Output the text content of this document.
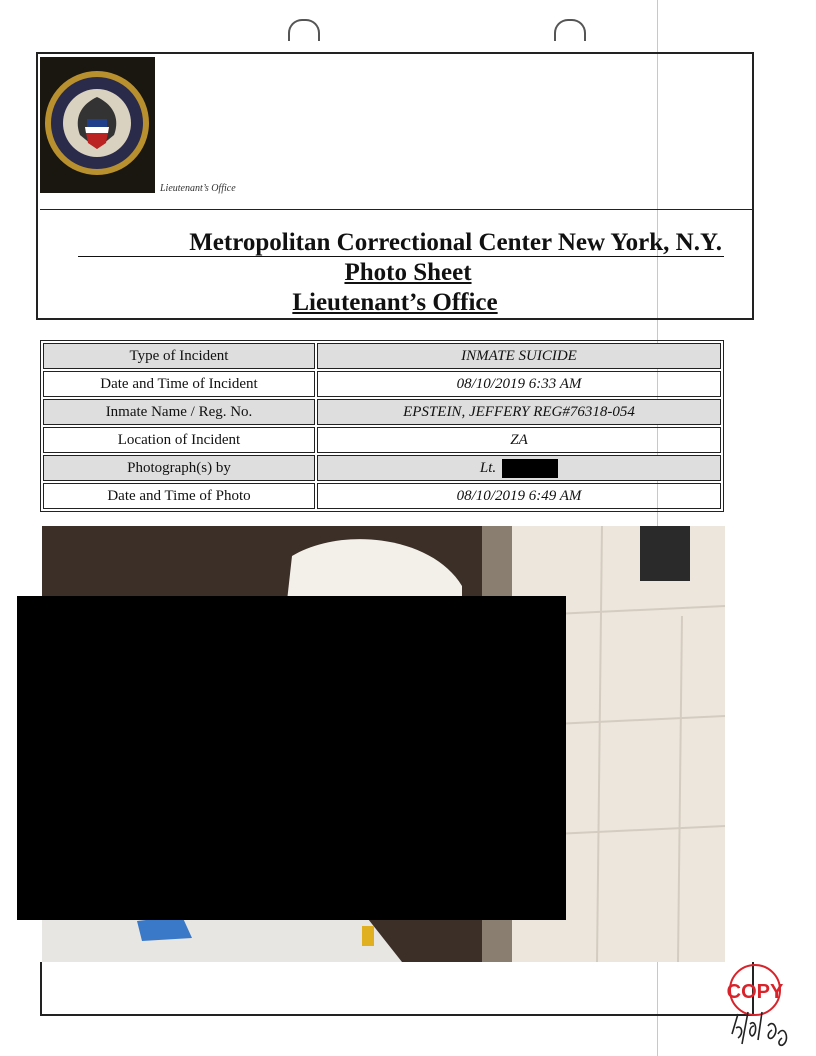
Lieutenant’s Office
Metropolitan Correctional Center New York, N.Y.
Photo Sheet
Lieutenant’s Office
Type of Incident	INMATE SUICIDE
Date and Time of Incident	08/10/2019 6:33 AM
Inmate Name / Reg. No.	EPSTEIN, JEFFERY REG#76318-054
Location of Incident	ZA
Photograph(s) by	Lt.
Date and Time of Photo	08/10/2019 6:49 AM
COPY
